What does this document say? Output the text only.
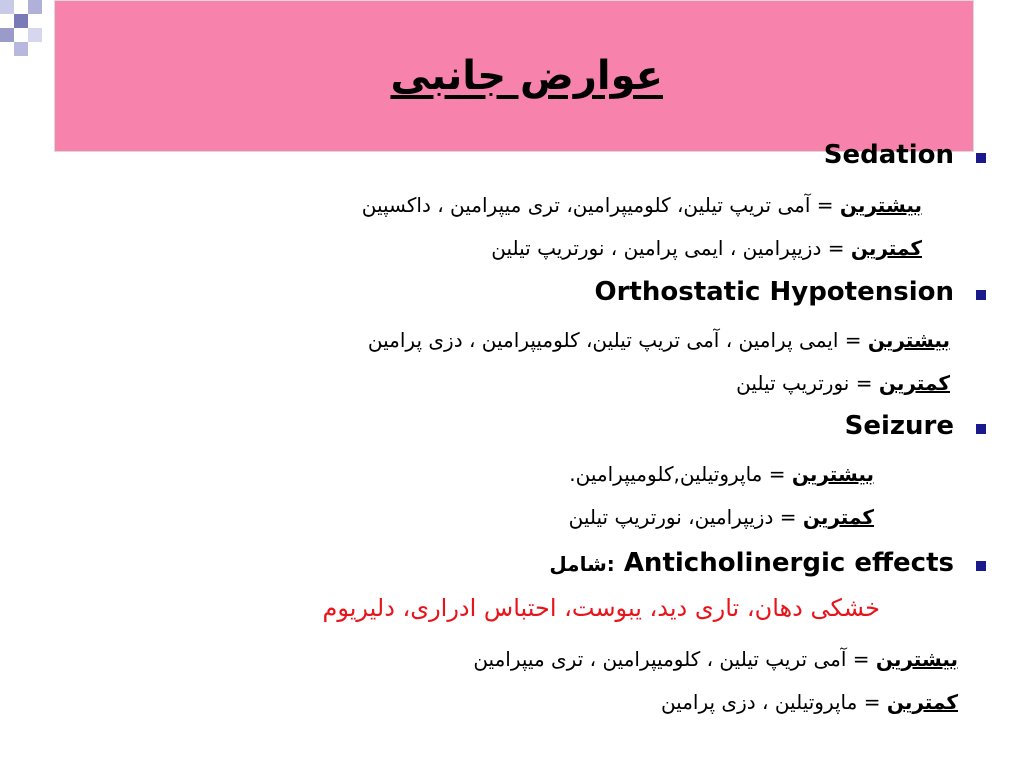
عوارض جانبی
Sedation
بیشترین = آمی تریپ تیلین، کلومیپرامین، تری میپرامین ، داکسپین
کمترین = دزیپرامین ، ایمی پرامین ، نورتریپ تیلین
Orthostatic Hypotension
بیشترین = ایمی پرامین ، آمی تریپ تیلین، کلومیپرامین ، دزی پرامین
کمترین = نورتریپ تیلین
Seizure
بیشترین = ماپروتیلین,کلومیپرامین.
کمترین = دزیپرامین، نورتریپ تیلین
شامل: Anticholinergic effects
خشکی دهان، تاری دید، یبوست، احتباس ادراری، دلیریوم
بیشترین = آمی تریپ تیلین ، کلومیپرامین ، تری میپرامین
کمترین = ماپروتیلین ، دزی پرامین
